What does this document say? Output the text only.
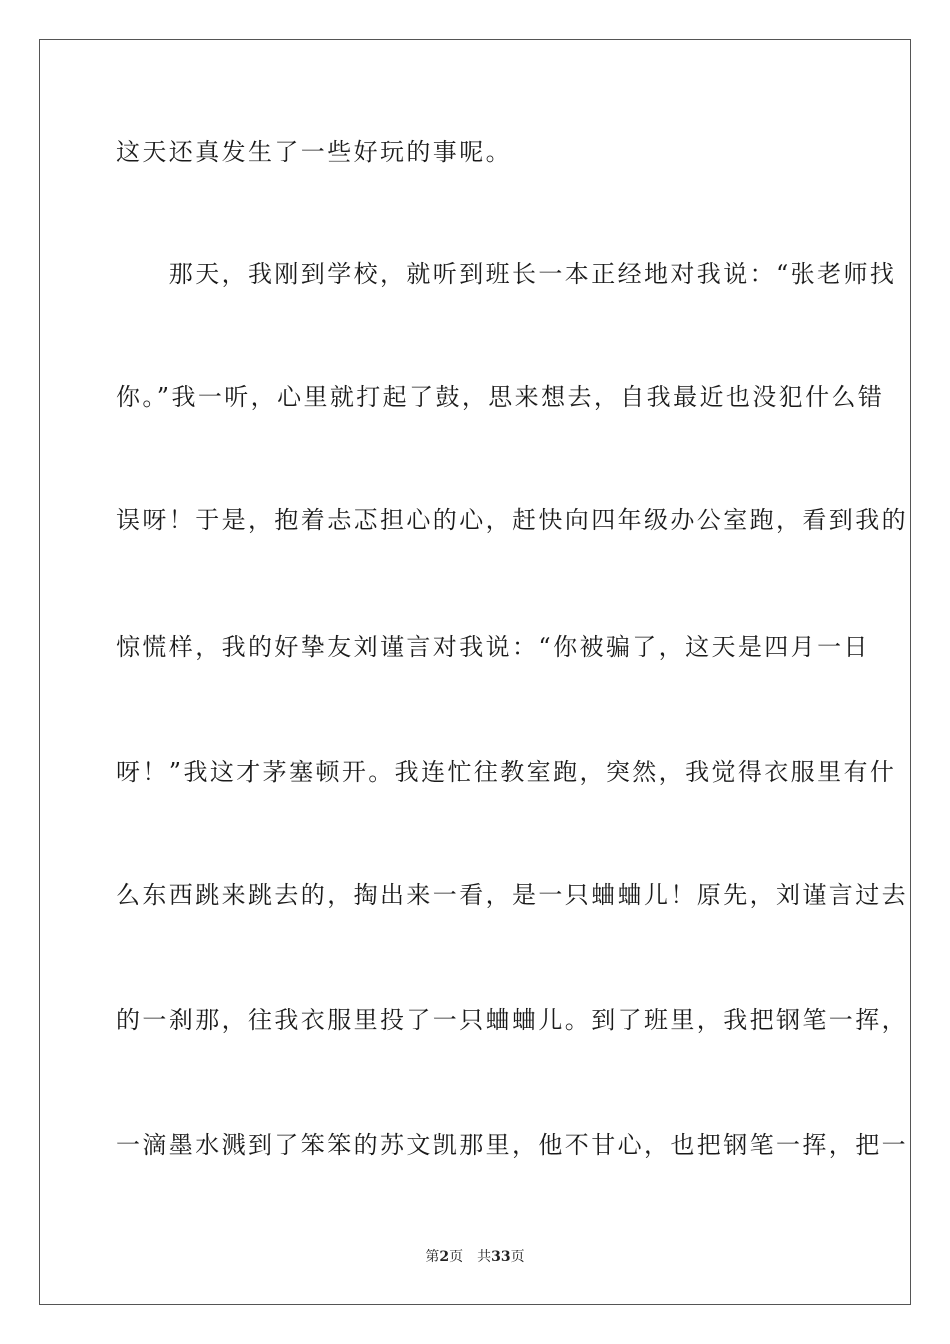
这天还真发生了一些好玩的事呢。
　　那天，我刚到学校，就听到班长一本正经地对我说：“张老师找
你。”我一听，心里就打起了鼓，思来想去，自我最近也没犯什么错
误呀！于是，抱着忐忑担心的心，赶快向四年级办公室跑，看到我的
惊慌样，我的好挚友刘谨言对我说：“你被骗了，这天是四月一日
呀！”我这才茅塞顿开。我连忙往教室跑，突然，我觉得衣服里有什
么东西跳来跳去的，掏出来一看，是一只蛐蛐儿！原先，刘谨言过去
的一刹那，往我衣服里投了一只蛐蛐儿。到了班里，我把钢笔一挥，
一滴墨水溅到了笨笨的苏文凯那里，他不甘心，也把钢笔一挥，把一
第2页 共33页
